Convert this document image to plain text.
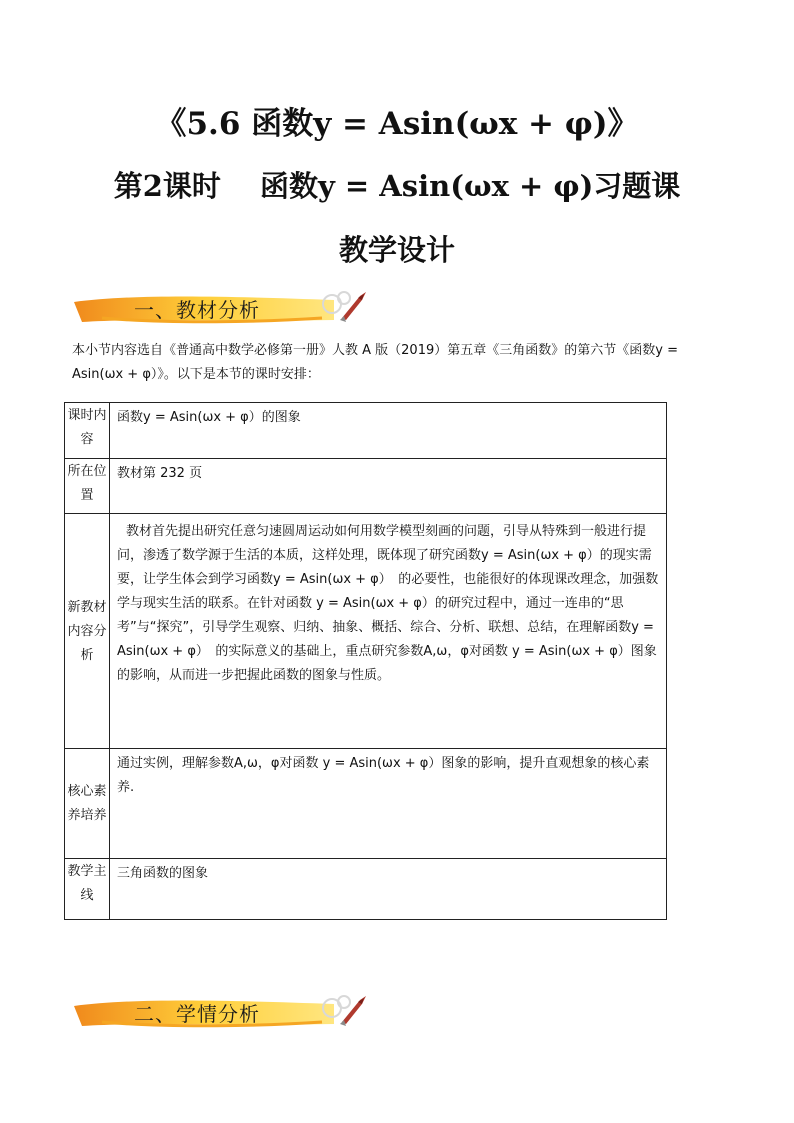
《5.6 函数y = Asin(ωx + φ)》
第2课时　 函数y = Asin(ωx + φ)习题课
教学设计
一、教材分析
本小节内容选自《普通高中数学必修第一册》人教 A 版（2019）第五章《三角函数》的第六节《函数y = Asin(ωx + φ）》。以下是本节的课时安排：
课时内容	函数y = Asin(ωx + φ）的图象
所在位置	教材第 232 页
新教材内容分析	教材首先提出研究任意匀速圆周运动如何用数学模型刻画的问题，引导从特殊到一般进行提问，渗透了数学源于生活的本质，这样处理，既体现了研究函数y = Asin(ωx + φ）的现实需要，让学生体会到学习函数y = Asin(ωx + φ）　的必要性，也能很好的体现课改理念，加强数学与现实生活的联系。在针对函数 y = Asin(ωx + φ）的研究过程中，通过一连串的“思考”与“探究”，引导学生观察、归纳、抽象、概括、综合、分析、联想、总结，在理解函数y = Asin(ωx + φ）　的实际意义的基础上，重点研究参数A,ω，φ对函数 y = Asin(ωx + φ）图象的影响，从而进一步把握此函数的图象与性质。
核心素养培养	通过实例，理解参数A,ω，φ对函数 y = Asin(ωx + φ）图象的影响，提升直观想象的核心素养.
教学主线	三角函数的图象
二、学情分析
